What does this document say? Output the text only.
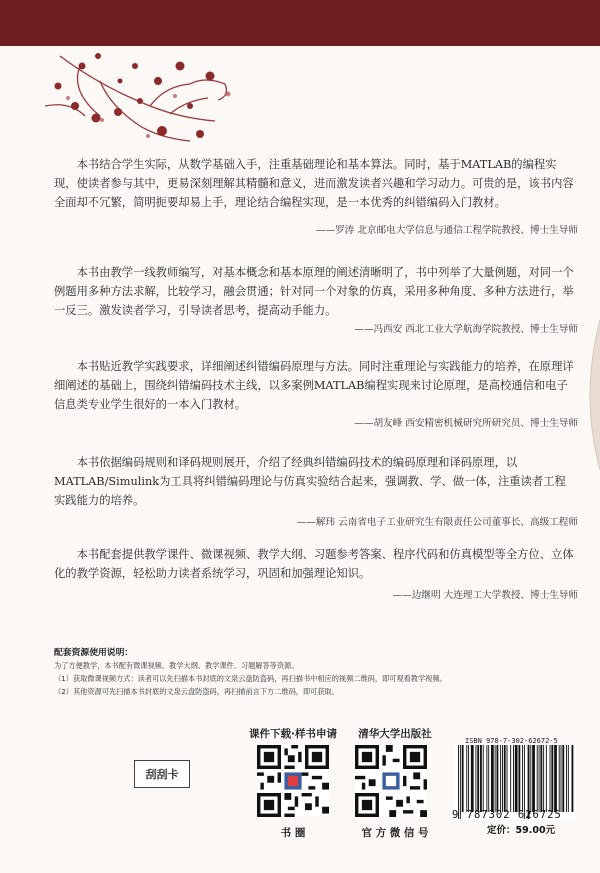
本书结合学生实际，从数学基础入手，注重基础理论和基本算法。同时，基于MATLAB的编程实现，使读者参与其中，更易深刻理解其精髓和意义，进而激发读者兴趣和学习动力。可贵的是，该书内容全面却不冗繁，简明扼要却易上手，理论结合编程实现，是一本优秀的纠错编码入门教材。

——罗涛 北京邮电大学信息与通信工程学院教授、博士生导师

本书由教学一线教师编写，对基本概念和基本原理的阐述清晰明了，书中列举了大量例题，对同一个例题用多种方法求解，比较学习，融会贯通；针对同一个对象的仿真，采用多种角度、多种方法进行，举一反三。激发读者学习，引导读者思考，提高动手能力。

——冯西安 西北工业大学航海学院教授、博士生导师

本书贴近教学实践要求，详细阐述纠错编码原理与方法。同时注重理论与实践能力的培养，在原理详细阐述的基础上，围绕纠错编码技术主线，以多案例MATLAB编程实现来讨论原理，是高校通信和电子信息类专业学生很好的一本入门教材。

——胡友峰 西安精密机械研究所研究员、博士生导师

本书依据编码规则和译码规则展开，介绍了经典纠错编码技术的编码原理和译码原理，以MATLAB/Simulink为工具将纠错编码理论与仿真实验结合起来，强调教、学、做一体，注重读者工程实践能力的培养。

——解玮 云南省电子工业研究生有限责任公司董事长、高级工程师

本书配套提供教学课件、微课视频、教学大纲、习题参考答案、程序代码和仿真模型等全方位、立体化的教学资源，轻松助力读者系统学习，巩固和加强理论知识。

——边继明 大连理工大学教授、博士生导师
配套资源使用说明：
为了方便教学，本书配有微课视频、教学大纲、教学课件、习题解答等资源。
（1）获取微课视频方式：读者可以先扫描本书封底的文泉云盘防盗码，再扫描书中相应的视频二维码，即可观看教学视频。
（2）其他资源可先扫描本书封底的文泉云盘防盗码，再扫描前言下方二维码，即可获取。
刮刮卡
课件下载·样书申请
书 圈
清华大学出版社
官 方 微 信 号
ISBN 978-7-302-62672-5
9 787302 626725
定价：59.00元
